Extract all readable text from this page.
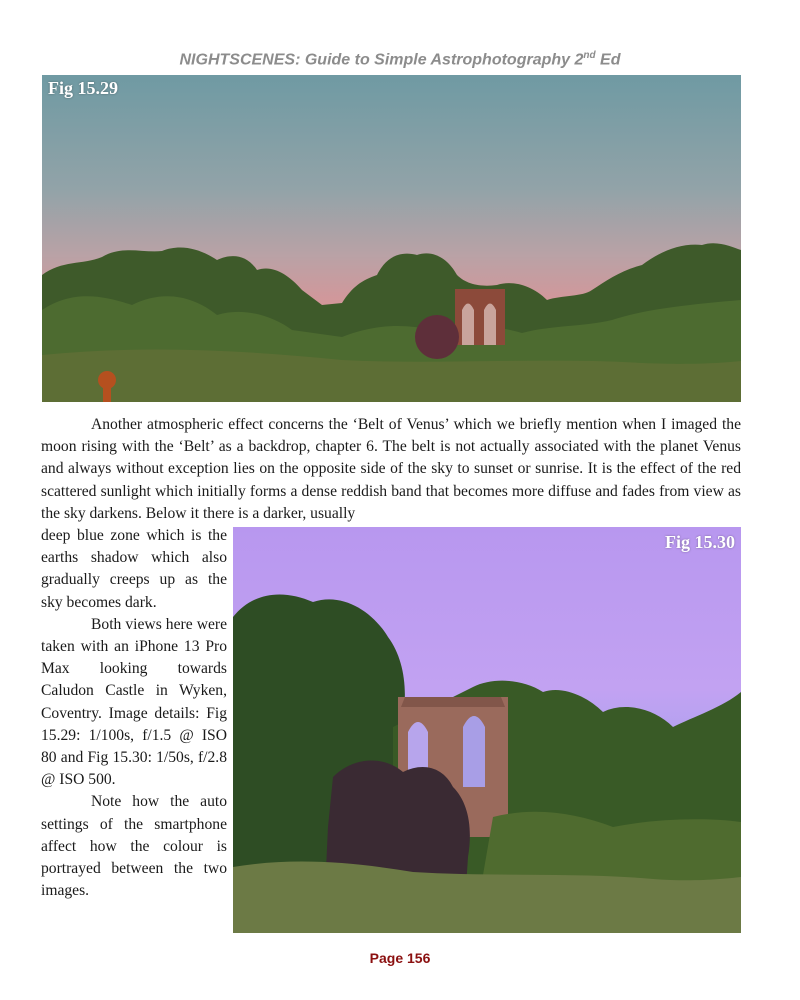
NIGHTSCENES: Guide to Simple Astrophotography 2nd Ed
Fig 15.29

Another atmospheric effect concerns the ‘Belt of Venus’ which we briefly mention when I imaged the moon rising with the ‘Belt’ as a backdrop, chapter 6. The belt is not actually associated with the planet Venus and always without exception lies on the opposite side of the sky to sunset or sunrise. It is the effect of the red scattered sunlight which initially forms a dense reddish band that becomes more diffuse and fades from view as the sky darkens. Below it there is a darker, usually

deep blue zone which is the earths shadow which also gradually creeps up as the sky becomes dark.

Both views here were taken with an iPhone 13 Pro Max looking towards Caludon Castle in Wyken, Coventry. Image details: Fig 15.29: 1/100s, f/1.5 @ ISO 80 and Fig 15.30: 1/50s, f/2.8 @ ISO 500.

Note how the auto settings of the smartphone affect how the colour is portrayed between the two images.

Fig 15.30
Page 156
